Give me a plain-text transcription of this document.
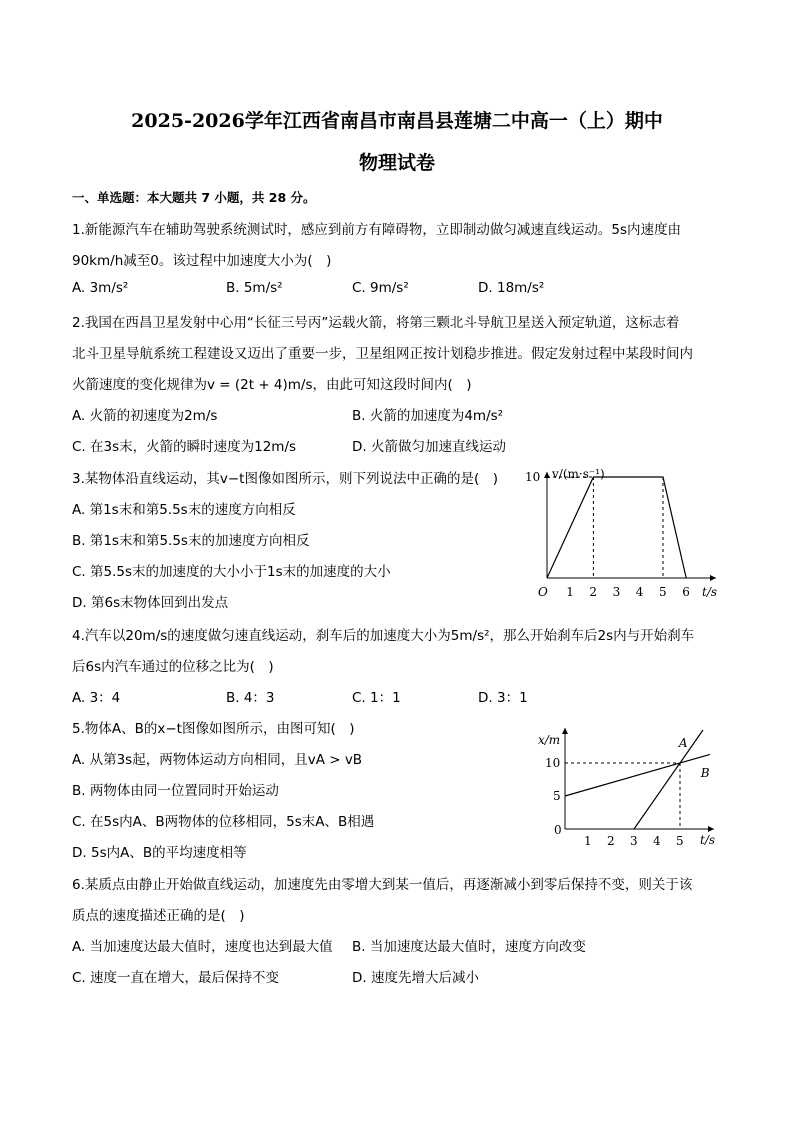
2025-2026学年江西省南昌市南昌县莲塘二中高一（上）期中
物理试卷
一、单选题：本大题共 7 小题，共 28 分。
1.新能源汽车在辅助驾驶系统测试时，感应到前方有障碍物，立即制动做匀减速直线运动。5s内速度由
90km/h减至0。该过程中加速度大小为(　)
A. 3m/s²	B. 5m/s²	C. 9m/s²	D. 18m/s²
2.我国在西昌卫星发射中心用“长征三号丙”运载火箭，将第三颗北斗导航卫星送入预定轨道，这标志着
北斗卫星导航系统工程建设又迈出了重要一步，卫星组网正按计划稳步推进。假定发射过程中某段时间内
火箭速度的变化规律为v = (2t + 4)m/s，由此可知这段时间内(　)
A. 火箭的初速度为2m/s	B. 火箭的加速度为4m/s²
C. 在3s末，火箭的瞬时速度为12m/s	D. 火箭做匀加速直线运动
3.某物体沿直线运动，其v−t图像如图所示，则下列说法中正确的是(　)
A. 第1s末和第5.5s末的速度方向相反
B. 第1s末和第5.5s末的加速度方向相反
C. 第5.5s末的加速度的大小小于1s末的加速度的大小
D. 第6s末物体回到出发点
v/(m·s⁻¹)
t/s
O 1 2 3 4 5 6
10
4.汽车以20m/s的速度做匀速直线运动，刹车后的加速度大小为5m/s²，那么开始刹车后2s内与开始刹车
后6s内汽车通过的位移之比为(　)
A. 3：4	B. 4：3	C. 1：1	D. 3：1
5.物体A、B的x−t图像如图所示，由图可知(　)
A. 从第3s起，两物体运动方向相同，且vA > vB
B. 两物体由同一位置同时开始运动
C. 在5s内A、B两物体的位移相同，5s末A、B相遇
D. 5s内A、B的平均速度相等
x/m
t/s
0
1 2 3 4 5
5
10
A
B
6.某质点由静止开始做直线运动，加速度先由零增大到某一值后，再逐渐减小到零后保持不变，则关于该
质点的速度描述正确的是(　)
A. 当加速度达最大值时，速度也达到最大值 B. 当加速度达最大值时，速度方向改变
C. 速度一直在增大，最后保持不变	D. 速度先增大后减小
